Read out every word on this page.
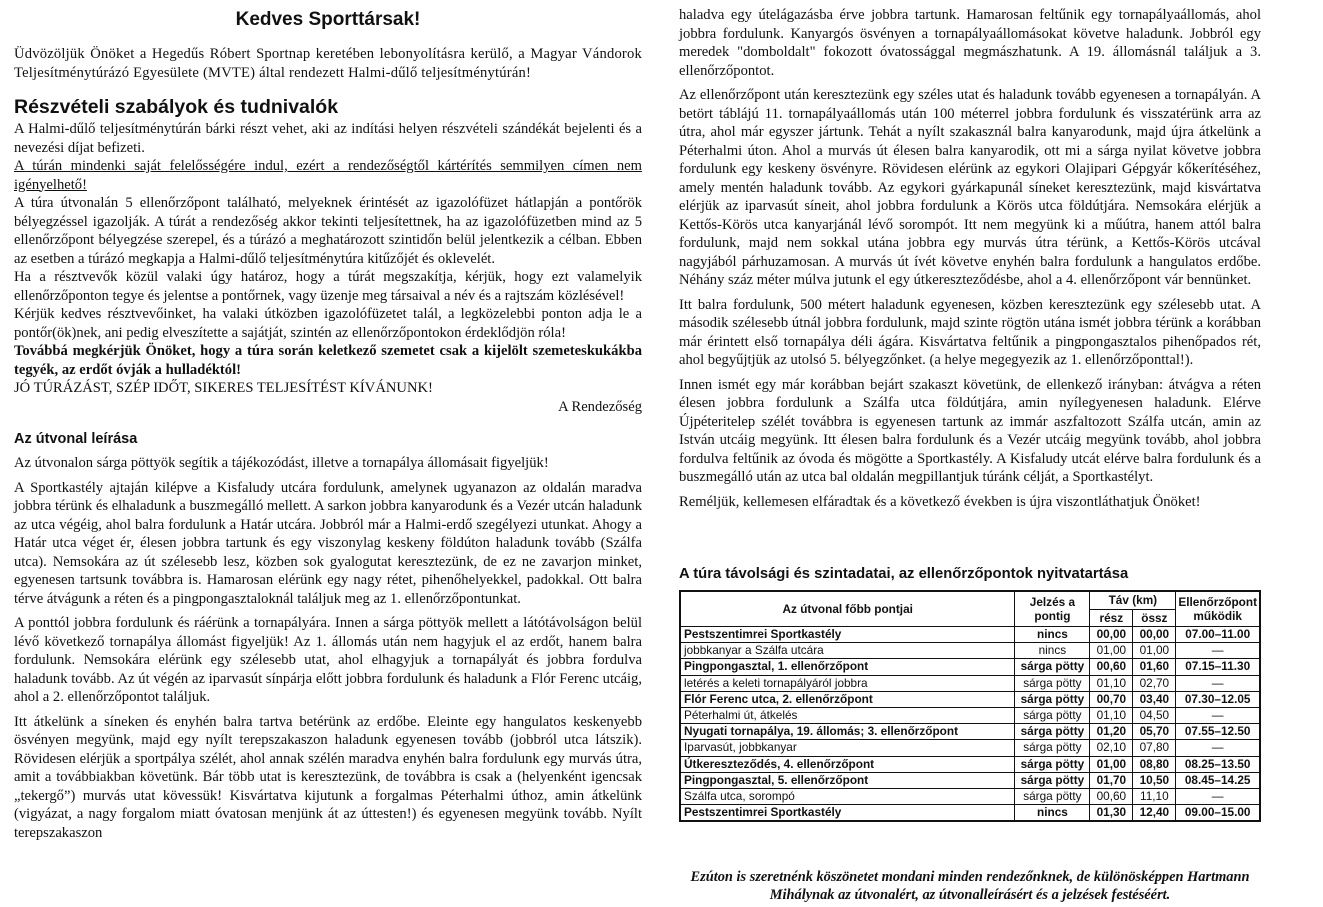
Kedves Sporttársak!

Üdvözöljük Önöket a Hegedűs Róbert Sportnap keretében lebonyolításra kerülő, a Magyar Vándorok Teljesítménytúrázó Egyesülete (MVTE) által rendezett Halmi-dűlő teljesítménytúrán!

Részvételi szabályok és tudnivalók

A Halmi-dűlő teljesítménytúrán bárki részt vehet, aki az indítási helyen részvételi szándékát bejelenti és a nevezési díjat befizeti.

A túrán mindenki saját felelősségére indul, ezért a rendezőségtől kártérítés semmilyen címen nem igényelhető!

A túra útvonalán 5 ellenőrzőpont található, melyeknek érintését az igazolófüzet hátlapján a pontőrök bélyegzéssel igazolják. A túrát a rendezőség akkor tekinti teljesítettnek, ha az igazolófüzetben mind az 5 ellenőrzőpont bélyegzése szerepel, és a túrázó a meghatározott szintidőn belül jelentkezik a célban. Ebben az esetben a túrázó megkapja a Halmi-dűlő teljesítménytúra kitűzőjét és oklevelét.

Ha a résztvevők közül valaki úgy határoz, hogy a túrát megszakítja, kérjük, hogy ezt valamelyik ellenőrzőponton tegye és jelentse a pontőrnek, vagy üzenje meg társaival a név és a rajtszám közlésével!

Kérjük kedves résztvevőinket, ha valaki útközben igazolófüzetet talál, a legközelebbi ponton adja le a pontőr(ök)nek, ani pedig elveszítette a sajátját, szintén az ellenőrzőpontokon érdeklődjön róla!

Továbbá megkérjük Önöket, hogy a túra során keletkező szemetet csak a kijelölt szemeteskukákba tegyék, az erdőt óvják a hulladéktól!

JÓ TÚRÁZÁST, SZÉP IDŐT, SIKERES TELJESÍTÉST KÍVÁNUNK!

A Rendezőség

Az útvonal leírása

Az útvonalon sárga pöttyök segítik a tájékozódást, illetve a tornapálya állomásait figyeljük!

A Sportkastély ajtaján kilépve a Kisfaludy utcára fordulunk, amelynek ugyanazon az oldalán maradva jobbra térünk és elhaladunk a buszmegálló mellett. A sarkon jobbra kanyarodunk és a Vezér utcán haladunk az utca végéig, ahol balra fordulunk a Határ utcára. Jobbról már a Halmi-erdő szegélyezi utunkat. Ahogy a Határ utca véget ér, élesen jobbra tartunk és egy viszonylag keskeny földúton haladunk tovább (Szálfa utca). Nemsokára az út szélesebb lesz, közben sok gyalogutat keresztezünk, de ez ne zavarjon minket, egyenesen tartsunk továbbra is. Hamarosan elérünk egy nagy rétet, pihenőhelyekkel, padokkal. Ott balra térve átvágunk a réten és a pingpongasztaloknál találjuk meg az 1. ellenőrzőpontunkat.

A ponttól jobbra fordulunk és ráérünk a tornapályára. Innen a sárga pöttyök mellett a látótávolságon belül lévő következő tornapálya állomást figyeljük! Az 1. állomás után nem hagyjuk el az erdőt, hanem balra fordulunk. Nemsokára elérünk egy szélesebb utat, ahol elhagyjuk a tornapályát és jobbra fordulva haladunk tovább. Az út végén az iparvasút sínpárja előtt jobbra fordulunk és haladunk a Flór Ferenc utcáig, ahol a 2. ellenőrzőpontot találjuk.

Itt átkelünk a síneken és enyhén balra tartva betérünk az erdőbe. Eleinte egy hangulatos keskenyebb ösvényen megyünk, majd egy nyílt terepszakaszon haladunk egyenesen tovább (jobbról utca látszik). Rövidesen elérjük a sportpálya szélét, ahol annak szélén maradva enyhén balra fordulunk egy murvás útra, amit a továbbiakban követünk. Bár több utat is keresztezünk, de továbbra is csak a (helyenként igencsak „tekergő”) murvás utat kövessük! Kisvártatva kijutunk a forgalmas Péterhalmi úthoz, amin átkelünk (vigyázat, a nagy forgalom miatt óvatosan menjünk át az úttesten!) és egyenesen megyünk tovább. Nyílt terepszakaszon

haladva egy útelágazásba érve jobbra tartunk. Hamarosan feltűnik egy tornapályaállomás, ahol jobbra fordulunk. Kanyargós ösvényen a tornapályaállomásokat követve haladunk. Jobbról egy meredek "domboldalt" fokozott óvatossággal megmászhatunk. A 19. állomásnál találjuk a 3. ellenőrzőpontot.

Az ellenőrzőpont után keresztezünk egy széles utat és haladunk tovább egyenesen a tornapályán. A betört táblájú 11. tornapályaállomás után 100 méterrel jobbra fordulunk és visszatérünk arra az útra, ahol már egyszer jártunk. Tehát a nyílt szakasznál balra kanyarodunk, majd újra átkelünk a Péterhalmi úton. Ahol a murvás út élesen balra kanyarodik, ott mi a sárga nyilat követve jobbra fordulunk egy keskeny ösvényre. Rövidesen elérünk az egykori Olajipari Gépgyár kőkerítéséhez, amely mentén haladunk tovább. Az egykori gyárkapunál síneket keresztezünk, majd kisvártatva elérjük az iparvasút síneit, ahol jobbra fordulunk a Körös utca földútjára. Nemsokára elérjük a Kettős-Körös utca kanyarjánál lévő sorompót. Itt nem megyünk ki a műútra, hanem attól balra fordulunk, majd nem sokkal utána jobbra egy murvás útra térünk, a Kettős-Körös utcával nagyjából párhuzamosan. A murvás út ívét követve enyhén balra fordulunk a hangulatos erdőbe. Néhány száz méter múlva jutunk el egy útkereszteződésbe, ahol a 4. ellenőrzőpont vár bennünket.

Itt balra fordulunk, 500 métert haladunk egyenesen, közben keresztezünk egy szélesebb utat. A második szélesebb útnál jobbra fordulunk, majd szinte rögtön utána ismét jobbra térünk a korábban már érintett első tornapálya déli ágára. Kisvártatva feltűnik a pingpongasztalos pihenőpados rét, ahol begyűjtjük az utolsó 5. bélyegzőnket. (a helye megegyezik az 1. ellenőrzőponttal!).

Innen ismét egy már korábban bejárt szakaszt követünk, de ellenkező irányban: átvágva a réten élesen jobbra fordulunk a Szálfa utca földútjára, amin nyílegyenesen haladunk. Elérve Újpéteritelep szélét továbbra is egyenesen tartunk az immár aszfaltozott Szálfa utcán, amin az István utcáig megyünk. Itt élesen balra fordulunk és a Vezér utcáig megyünk tovább, ahol jobbra fordulva feltűnik az óvoda és mögötte a Sportkastély. A Kisfaludy utcát elérve balra fordulunk és a buszmegálló után az utca bal oldalán megpillantjuk túránk célját, a Sportkastélyt.

Reméljük, kellemesen elfáradtak és a következő években is újra viszontláthatjuk Önöket!

A túra távolsági és szintadatai, az ellenőrzőpontok nyitvatartása
Az útvonal főbb pontjai	Jelzés a pontig	Táv (km)		Ellenőrzőpont működik
		rész	össz	
Pestszentimrei Sportkastély	nincs	00,00	00,00	07.00–11.00
jobbkanyar a Szálfa utcára	nincs	01,00	01,00	—
Pingpongasztal, 1. ellenőrzőpont	sárga pötty	00,60	01,60	07.15–11.30
letérés a keleti tornapályáról jobbra	sárga pötty	01,10	02,70	—
Flór Ferenc utca, 2. ellenőrzőpont	sárga pötty	00,70	03,40	07.30–12.05
Péterhalmi út, átkelés	sárga pötty	01,10	04,50	—
Nyugati tornapálya, 19. állomás; 3. ellenőrzőpont	sárga pötty	01,20	05,70	07.55–12.50
Iparvasút, jobbkanyar	sárga pötty	02,10	07,80	—
Útkereszteződés, 4. ellenőrzőpont	sárga pötty	01,00	08,80	08.25–13.50
Pingpongasztal, 5. ellenőrzőpont	sárga pötty	01,70	10,50	08.45–14.25
Szálfa utca, sorompó	sárga pötty	00,60	11,10	—
Pestszentimrei Sportkastély	nincs	01,30	12,40	09.00–15.00
Ezúton is szeretnénk köszönetet mondani minden rendezőnknek, de különösképpen Hartmann Mihálynak az útvonalért, az útvonalleírásért és a jelzések festéséért.
